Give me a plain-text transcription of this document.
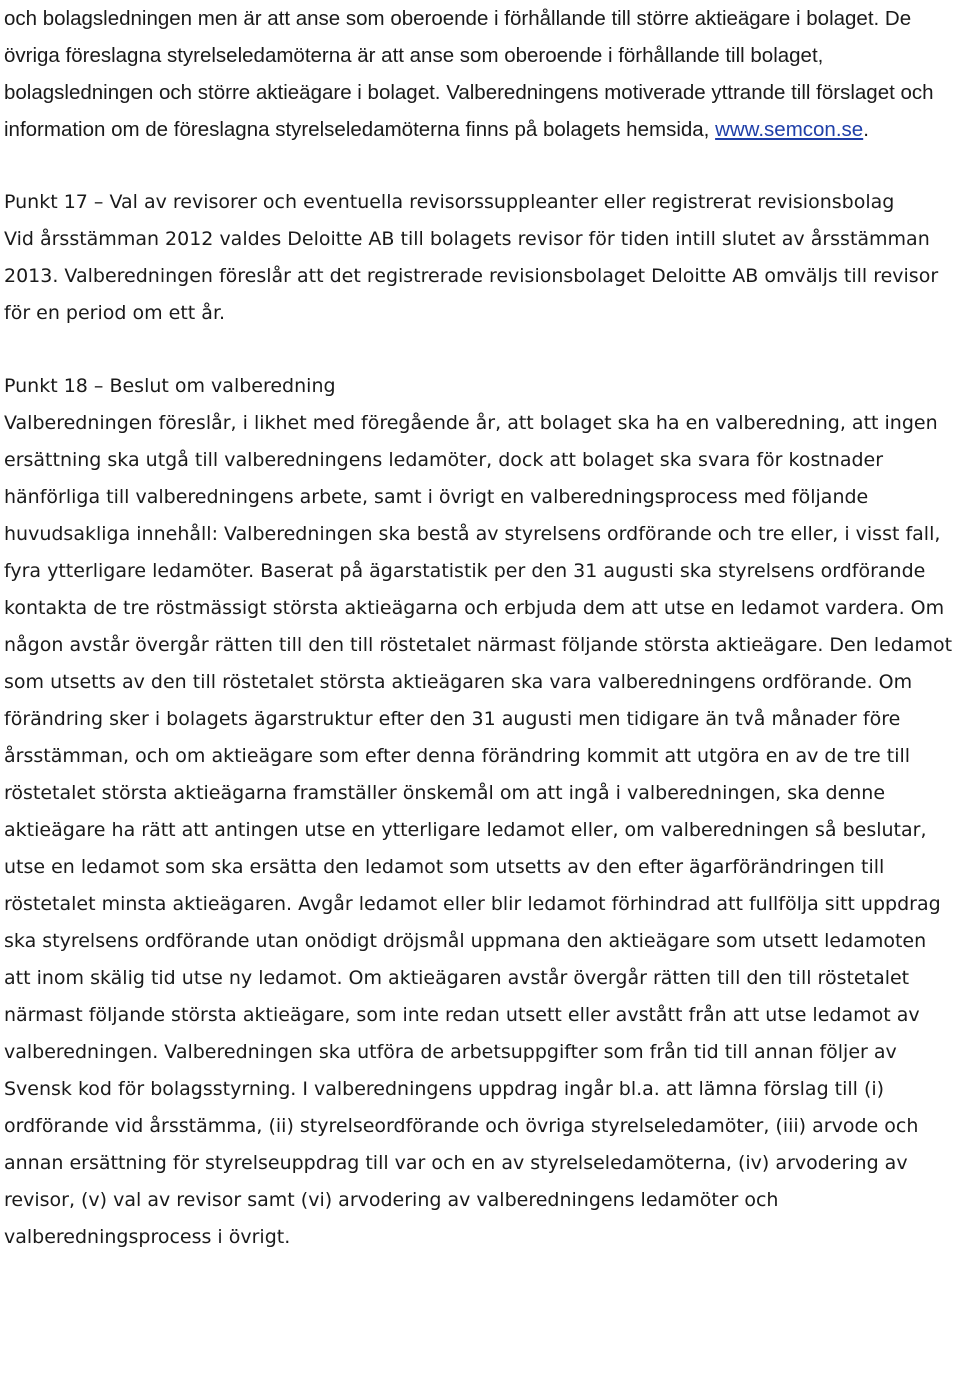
och bolagsledningen men är att anse som oberoende i förhållande till större aktieägare i bolaget. De övriga föreslagna styrelseledamöterna är att anse som oberoende i förhållande till bolaget, bolagsledningen och större aktieägare i bolaget. Valberedningens motiverade yttrande till förslaget och information om de föreslagna styrelseledamöterna finns på bolagets hemsida, www.semcon.se.

Punkt 17 – Val av revisorer och eventuella revisorssuppleanter eller registrerat revisionsbolag
Vid årsstämman 2012 valdes Deloitte AB till bolagets revisor för tiden intill slutet av årsstämman 2013. Valberedningen föreslår att det registrerade revisionsbolaget Deloitte AB omväljs till revisor för en period om ett år.

Punkt 18 – Beslut om valberedning
Valberedningen föreslår, i likhet med föregående år, att bolaget ska ha en valberedning, att ingen ersättning ska utgå till valberedningens ledamöter, dock att bolaget ska svara för kostnader hänförliga till valberedningens arbete, samt i övrigt en valberedningsprocess med följande huvudsakliga innehåll: Valberedningen ska bestå av styrelsens ordförande och tre eller, i visst fall, fyra ytterligare ledamöter. Baserat på ägarstatistik per den 31 augusti ska styrelsens ordförande kontakta de tre röstmässigt största aktieägarna och erbjuda dem att utse en ledamot vardera. Om någon avstår övergår rätten till den till röstetalet närmast följande största aktieägare. Den ledamot som utsetts av den till röstetalet största aktieägaren ska vara valberedningens ordförande. Om förändring sker i bolagets ägarstruktur efter den 31 augusti men tidigare än två månader före årsstämman, och om aktieägare som efter denna förändring kommit att utgöra en av de tre till röstetalet största aktieägarna framställer önskemål om att ingå i valberedningen, ska denne aktieägare ha rätt att antingen utse en ytterligare ledamot eller, om valberedningen så beslutar, utse en ledamot som ska ersätta den ledamot som utsetts av den efter ägarförändringen till röstetalet minsta aktieägaren. Avgår ledamot eller blir ledamot förhindrad att fullfölja sitt uppdrag ska styrelsens ordförande utan onödigt dröjsmål uppmana den aktieägare som utsett ledamoten att inom skälig tid utse ny ledamot. Om aktieägaren avstår övergår rätten till den till röstetalet närmast följande största aktieägare, som inte redan utsett eller avstått från att utse ledamot av valberedningen. Valberedningen ska utföra de arbetsuppgifter som från tid till annan följer av Svensk kod för bolagsstyrning. I valberedningens uppdrag ingår bl.a. att lämna förslag till (i) ordförande vid årsstämma, (ii) styrelseordförande och övriga styrelseledamöter, (iii) arvode och annan ersättning för styrelseuppdrag till var och en av styrelseledamöterna, (iv) arvodering av revisor, (v) val av revisor samt (vi) arvodering av valberedningens ledamöter och valberedningsprocess i övrigt.
